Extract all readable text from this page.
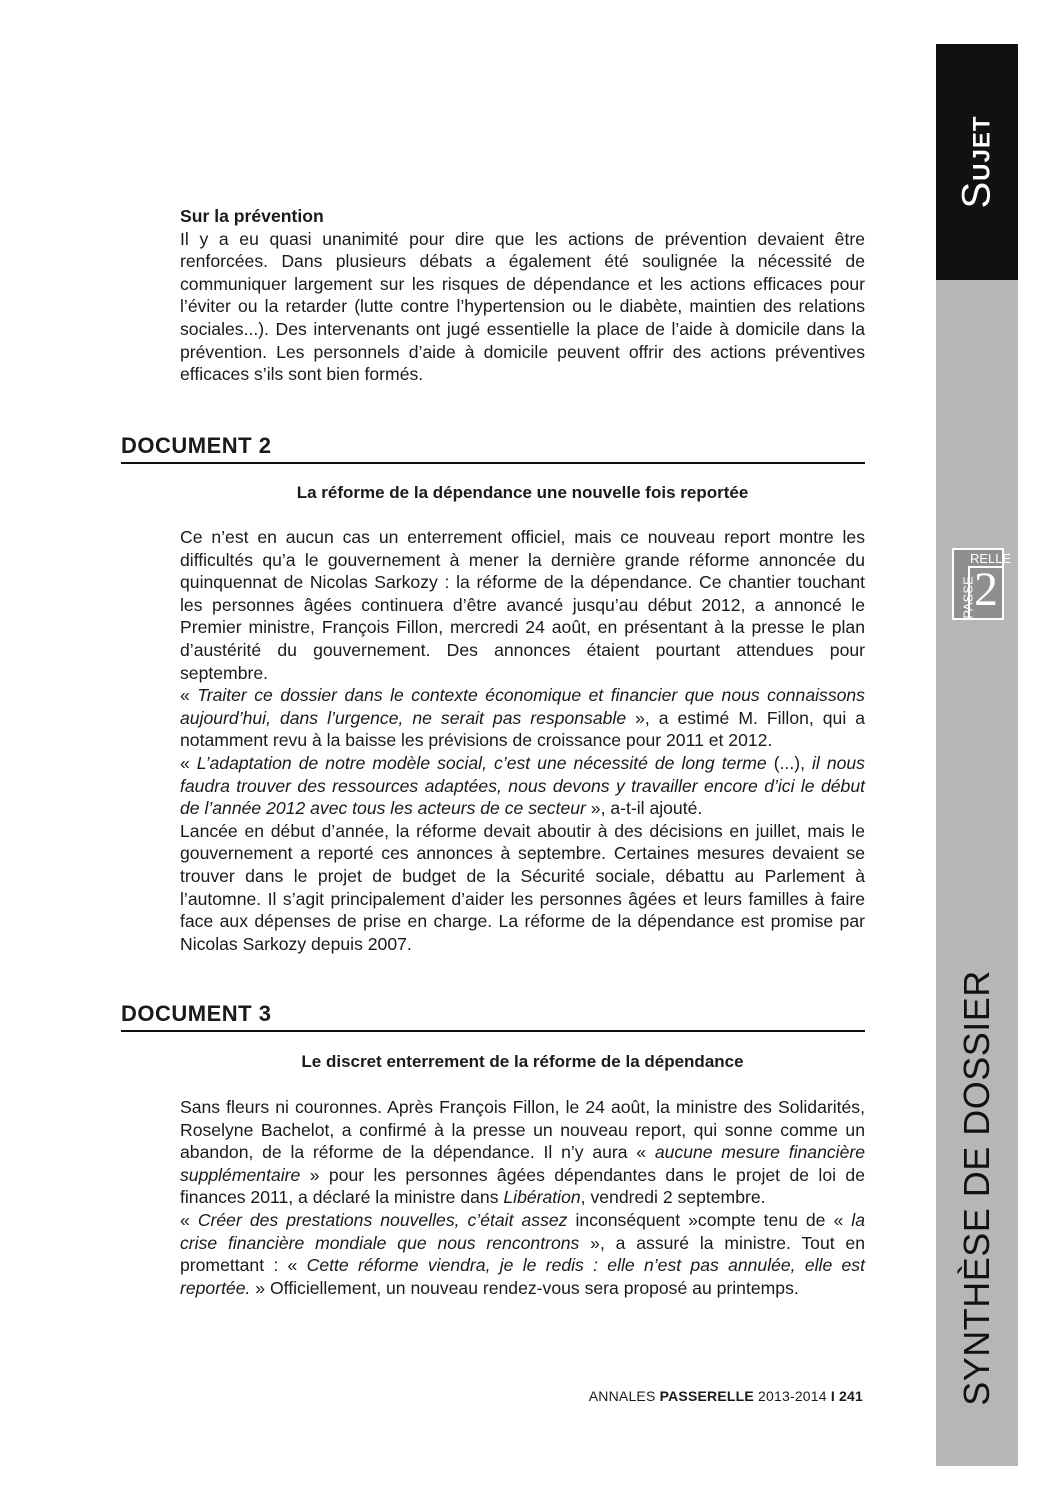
SUJET
SYNTHÈSE DE DOSSIER
RELLE
PASSE
2
Sur la prévention

Il y a eu quasi unanimité pour dire que les actions de prévention devaient être renforcées. Dans plusieurs débats a également été soulignée la nécessité de communiquer largement sur les risques de dépendance et les actions efficaces pour l’éviter ou la retarder (lutte contre l’hypertension ou le diabète, maintien des relations sociales...). Des intervenants ont jugé essentielle la place de l’aide à domicile dans la prévention. Les personnels d’aide à domicile peuvent offrir des actions préventives efficaces s’ils sont bien formés.

DOCUMENT 2
La réforme de la dépendance une nouvelle fois reportée

Ce n’est en aucun cas un enterrement officiel, mais ce nouveau report montre les difficultés qu’a le gouvernement à mener la dernière grande réforme annoncée du quinquennat de Nicolas Sarkozy : la réforme de la dépendance. Ce chantier touchant les personnes âgées continuera d’être avancé jusqu’au début 2012, a annoncé le Premier ministre, François Fillon, mercredi 24 août, en présentant à la presse le plan d’austérité du gouvernement. Des annonces étaient pourtant attendues pour septembre.

« Traiter ce dossier dans le contexte économique et financier que nous connaissons aujourd’hui, dans l’urgence, ne serait pas responsable », a estimé M. Fillon, qui a notamment revu à la baisse les prévisions de croissance pour 2011 et 2012.

« L’adaptation de notre modèle social, c’est une nécessité de long terme (...), il nous faudra trouver des ressources adaptées, nous devons y travailler encore d’ici le début de l’année 2012 avec tous les acteurs de ce secteur », a-t-il ajouté.

Lancée en début d’année, la réforme devait aboutir à des décisions en juillet, mais le gouvernement a reporté ces annonces à septembre. Certaines mesures devaient se trouver dans le projet de budget de la Sécurité sociale, débattu au Parlement à l’automne. Il s’agit principalement d’aider les personnes âgées et leurs familles à faire face aux dépenses de prise en charge. La réforme de la dépendance est promise par Nicolas Sarkozy depuis 2007.

DOCUMENT 3
Le discret enterrement de la réforme de la dépendance

Sans fleurs ni couronnes. Après François Fillon, le 24 août, la ministre des Solidarités, Roselyne Bachelot, a confirmé à la presse un nouveau report, qui sonne comme un abandon, de la réforme de la dépendance. Il n’y aura « aucune mesure financière supplémentaire » pour les personnes âgées dépendantes dans le projet de loi de finances 2011, a déclaré la ministre dans Libération, vendredi 2 septembre.

« Créer des prestations nouvelles, c’était assez inconséquent »compte tenu de « la crise financière mondiale que nous rencontrons », a assuré la ministre. Tout en promettant : « Cette réforme viendra, je le redis : elle n’est pas annulée, elle est reportée. » Officiellement, un nouveau rendez-vous sera proposé au printemps.

ANNALES PASSERELLE 2013-2014 I 241
